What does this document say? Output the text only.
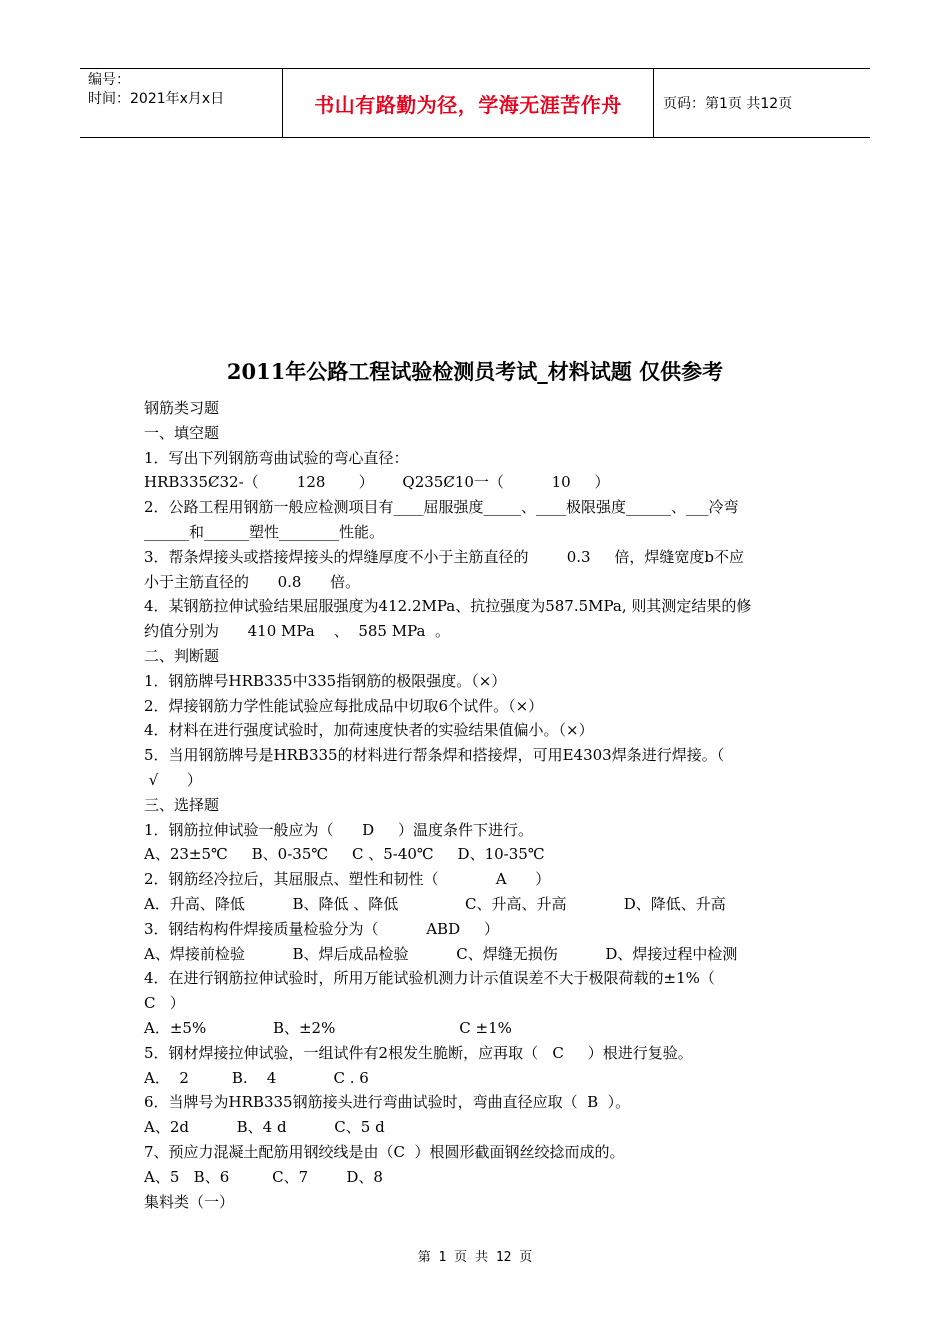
编号：
时间：2021年x月x日	书山有路勤为径，学海无涯苦作舟	页码：第1页 共12页
2011年公路工程试验检测员考试_材料试题 仅供参考
钢筋类习题
一、填空题
1．写出下列钢筋弯曲试验的弯心直径：
HRB335Ȼ32-（        128       ）      Q235Ȼ10一（          10     ）
2．公路工程用钢筋一般应检测项目有____屈服强度_____、____极限强度______、___冷弯
______和______塑性________性能。
3．帮条焊接头或搭接焊接头的焊缝厚度不小于主筋直径的        0.3     倍，焊缝宽度b不应
小于主筋直径的      0.8      倍。
4．某钢筋拉伸试验结果屈服强度为412.2MPa、抗拉强度为587.5MPa, 则其测定结果的修
约值分别为      410 MPa    、  585 MPa  。
二、判断题
1．钢筋牌号HRB335中335指钢筋的极限强度。（×）
2．焊接钢筋力学性能试验应每批成品中切取6个试件。（×）
4．材料在进行强度试验时，加荷速度快者的实验结果值偏小。（×）
5．当用钢筋牌号是HRB335的材料进行帮条焊和搭接焊，可用E4303焊条进行焊接。（
√      ）
三、选择题
1．钢筋拉伸试验一般应为（      D     ）温度条件下进行。
A、23±5℃     B、0-35℃     C 、5-40℃     D、10-35℃
2．钢筋经冷拉后，其屈服点、塑性和韧性（            A      ）
A．升高、降低          B、降低 、降低              C、升高、升高            D、降低、升高
3．钢结构构件焊接质量检验分为（          ABD     ）
A、焊接前检验          B、焊后成品检验          C、焊缝无损伤          D、焊接过程中检测
4．在进行钢筋拉伸试验时，所用万能试验机测力计示值误差不大于极限荷载的±1%（
C   ）
A．±5%              B、±2%                          C ±1%
5．钢材焊接拉伸试验，一组试件有2根发生脆断，应再取（   C     ）根进行复验。
A．  2         B.    4            C . 6
6．当牌号为HRB335钢筋接头进行弯曲试验时，弯曲直径应取（  B  ）。
A、2d          B、4 d          C、5 d
7、预应力混凝土配筋用钢绞线是由（C  ）根圆形截面钢丝绞捻而成的。
A、5   B、6         C、7        D、8
集料类（一）
第 1 页 共 12 页
